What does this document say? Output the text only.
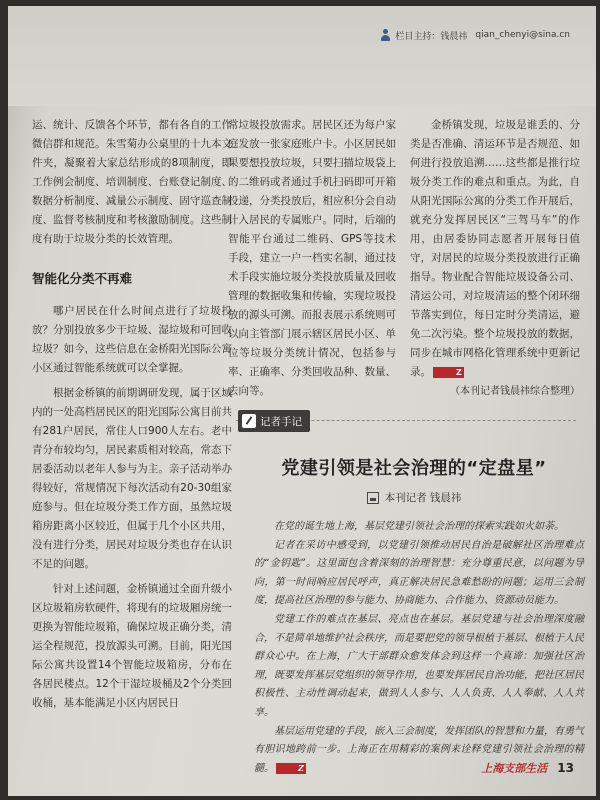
栏目主持：钱晨祎 qian_chenyi@sina.cn

运、统计、反馈各个环节，都有各自的工作微信群和规范。朱雪菊办公桌里的十九本文件夹，凝聚着大家总结形成的8项制度，即工作例会制度、培训制度、台账登记制度、数据分析制度、减量公示制度、固守巡查制度、监督考核制度和考核激励制度。这些制度有助于垃圾分类的长效管理。

智能化分类不再难

哪户居民在什么时间点进行了垃圾投放？分别投放多少干垃圾、湿垃圾和可回收垃圾？如今，这些信息在金桥阳光国际公寓小区通过智能系统就可以全掌握。

根据金桥镇的前期调研发现，属于区域内的一处高档居民区的阳光国际公寓目前共有281户居民，常住人口900人左右。老中青分布较均匀，居民素质相对较高，常态下居委活动以老年人参与为主。亲子活动举办得较好，常规情况下每次活动有20-30组家庭参与。但在垃圾分类工作方面，虽然垃圾箱房距离小区较近，但属于几个小区共用，没有进行分类，居民对垃圾分类也存在认识不足的问题。

针对上述问题，金桥镇通过全面升级小区垃圾箱房软硬件，将现有的垃圾厢房统一更换为智能垃圾箱，确保垃圾正确分类，清运全程规范，投放源头可溯。目前，阳光国际公寓共设置14个智能垃圾箱房，分布在各居民楼点。12个干湿垃圾桶及2个分类回收桶，基本能满足小区内居民日

常垃圾投放需求。居民区还为每户家庭发放一张家庭账户卡。小区居民如果要想投放垃圾，只要扫描垃圾袋上的二维码或者通过手机扫码即可开箱投递，分类投放后，相应积分会自动计入居民的专属账户。同时，后端的智能平台通过二维码、GPS等技术手段，建立一户一档实名制，通过技术手段实施垃圾分类投放质量及回收管理的数据收集和传输，实现垃圾投放的源头可溯。而报表展示系统则可以向主管部门展示辖区居民小区、单位等垃圾分类统计情况，包括参与率、正确率、分类回收品种、数量、去向等。

金桥镇发现，垃圾是谁丢的、分类是否准确、清运环节是否规范、如何进行投放追溯……这些都是推行垃圾分类工作的难点和重点。为此，自从阳光国际公寓的分类工作开展后，就充分发挥居民区“三驾马车”的作用，由居委协同志愿者开展每日值守，对居民的垃圾分类投放进行正确指导。物业配合智能垃圾设备公司、清运公司，对垃圾清运的整个闭环细节落实到位，每日定时分类清运，避免二次污染。整个垃圾投放的数据，同步在城市网格化管理系统中更新记录。	Z

（本刊记者钱晨祎综合整理）

记者手记
党建引领是社会治理的“定盘星”
本刊记者 钱晨祎

在党的诞生地上海，基层党建引领社会治理的探索实践如火如荼。

记者在采访中感受到，以党建引领推动居民自治是破解社区治理难点的“金钥匙”。这里面包含着深刻的治理智慧：充分尊重民意，以问题为导向，第一时间响应居民呼声，真正解决居民急难愁盼的问题；运用三会制度，提高社区治理的参与能力、协商能力、合作能力、资源动员能力。

党建工作的难点在基层、亮点也在基层。基层党建与社会治理深度融合，不是简单地维护社会秩序，而是要把党的领导根植于基层、根植于人民群众心中。在上海，广大干部群众愈发体会到这样一个真谛：加强社区治理，既要发挥基层党组织的领导作用，也要发挥居民自治功能，把社区居民积极性、主动性调动起来，做到人人参与、人人负责、人人奉献、人人共享。

基层运用党建的手段，嵌入三会制度，发挥团队的智慧和力量，有勇气有胆识地跨前一步。上海正在用精彩的案例来诠释党建引领社会治理的精髓。	Z	上海支部生活 13
